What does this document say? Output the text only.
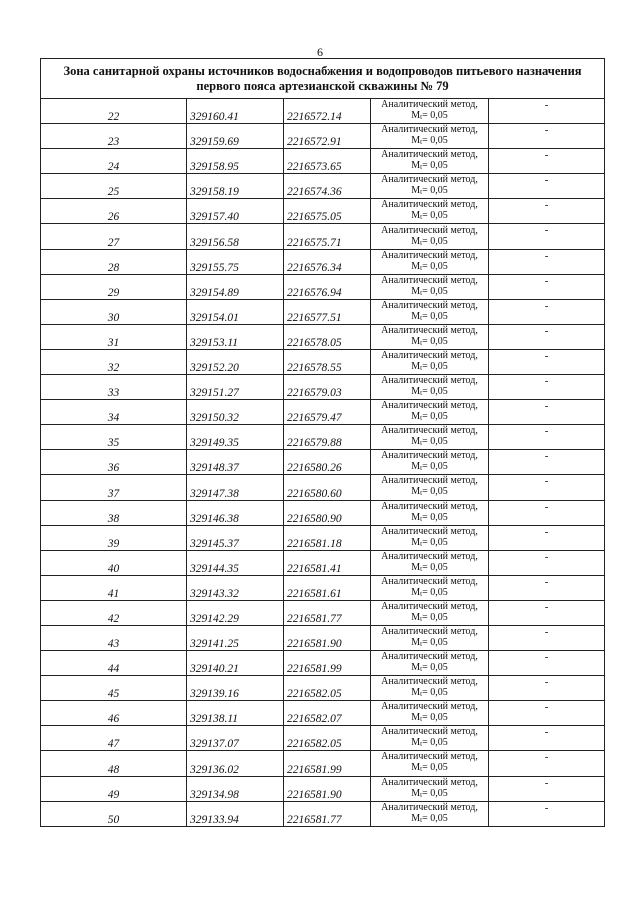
6
Зона санитарной охраны источников водоснабжения и водопроводов питьевого назначения
первого пояса артезианской скважины № 79				

22	329160.41	2216572.14	Аналитический метод,
$M_t= 0,05$	-
23	329159.69	2216572.91	Аналитический метод,
$M_t= 0,05$	-
24	329158.95	2216573.65	Аналитический метод,
$M_t= 0,05$	-
25	329158.19	2216574.36	Аналитический метод,
$M_t= 0,05$	-
26	329157.40	2216575.05	Аналитический метод,
$M_t= 0,05$	-
27	329156.58	2216575.71	Аналитический метод,
$M_t= 0,05$	-
28	329155.75	2216576.34	Аналитический метод,
$M_t= 0,05$	-
29	329154.89	2216576.94	Аналитический метод,
$M_t= 0,05$	-
30	329154.01	2216577.51	Аналитический метод,
$M_t= 0,05$	-
31	329153.11	2216578.05	Аналитический метод,
$M_t= 0,05$	-
32	329152.20	2216578.55	Аналитический метод,
$M_t= 0,05$	-
33	329151.27	2216579.03	Аналитический метод,
$M_t= 0,05$	-
34	329150.32	2216579.47	Аналитический метод,
$M_t= 0,05$	-
35	329149.35	2216579.88	Аналитический метод,
$M_t= 0,05$	-
36	329148.37	2216580.26	Аналитический метод,
$M_t= 0,05$	-
37	329147.38	2216580.60	Аналитический метод,
$M_t= 0,05$	-
38	329146.38	2216580.90	Аналитический метод,
$M_t= 0,05$	-
39	329145.37	2216581.18	Аналитический метод,
$M_t= 0,05$	-
40	329144.35	2216581.41	Аналитический метод,
$M_t= 0,05$	-
41	329143.32	2216581.61	Аналитический метод,
$M_t= 0,05$	-
42	329142.29	2216581.77	Аналитический метод,
$M_t= 0,05$	-
43	329141.25	2216581.90	Аналитический метод,
$M_t= 0,05$	-
44	329140.21	2216581.99	Аналитический метод,
$M_t= 0,05$	-
45	329139.16	2216582.05	Аналитический метод,
$M_t= 0,05$	-
46	329138.11	2216582.07	Аналитический метод,
$M_t= 0,05$	-
47	329137.07	2216582.05	Аналитический метод,
$M_t= 0,05$	-
48	329136.02	2216581.99	Аналитический метод,
$M_t= 0,05$	-
49	329134.98	2216581.90	Аналитический метод,
$M_t= 0,05$	-
50	329133.94	2216581.77	Аналитический метод,
$M_t= 0,05$	-
